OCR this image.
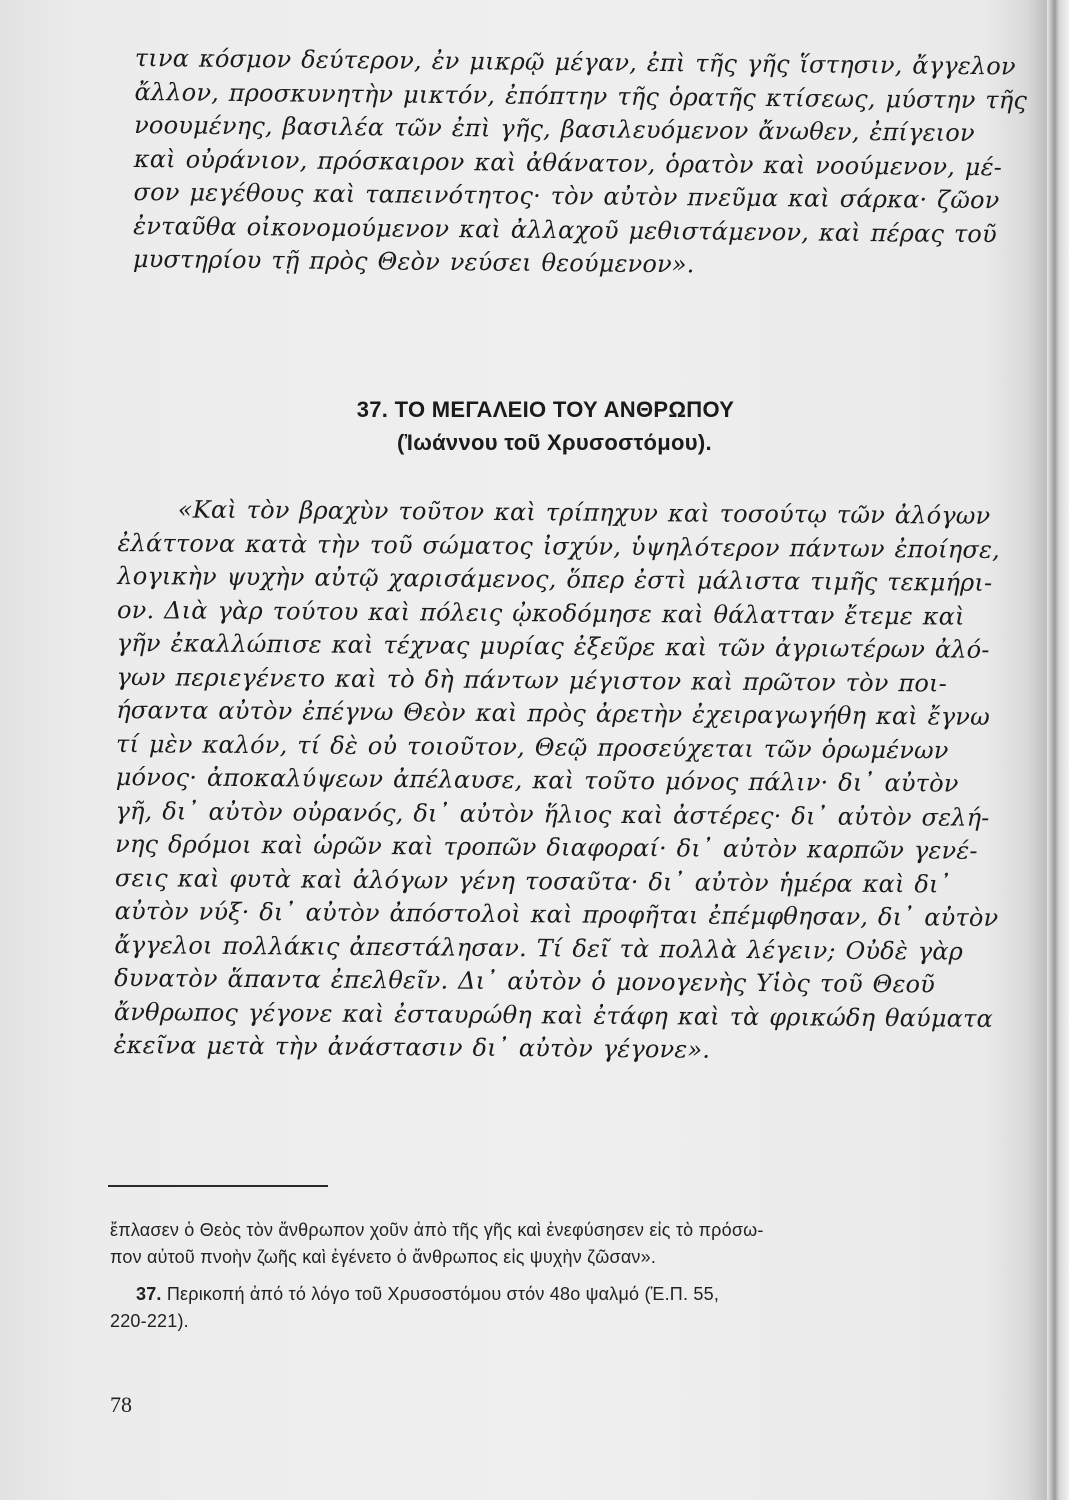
τινα κόσμον δεύτερον, ἐν μικρῷ μέγαν, ἐπὶ τῆς γῆς ἵστησιν, ἄγγελον
ἄλλον, προσκυνητὴν μικτόν, ἐπόπτην τῆς ὁρατῆς κτίσεως, μύστην τῆς
νοουμένης, βασιλέα τῶν ἐπὶ γῆς, βασιλευόμενον ἄνωθεν, ἐπίγειον
καὶ οὐράνιον, πρόσκαιρον καὶ ἀθάνατον, ὁρατὸν καὶ νοούμενον, μέ-
σον μεγέθους καὶ ταπεινότητος· τὸν αὐτὸν πνεῦμα καὶ σάρκα· ζῶον
ἐνταῦθα οἰκονομούμενον καὶ ἀλλαχοῦ μεθιστάμενον, καὶ πέρας τοῦ
μυστηρίου τῇ πρὸς Θεὸν νεύσει θεούμενον».
37. ΤΟ ΜΕΓΑΛΕΙΟ ΤΟΥ ΑΝΘΡΩΠΟΥ
(Ἰωάννου τοῦ Χρυσοστόμου).
«Καὶ τὸν βραχὺν τοῦτον καὶ τρίπηχυν καὶ τοσούτῳ τῶν ἀλόγων
ἐλάττονα κατὰ τὴν τοῦ σώματος ἰσχύν, ὑψηλότερον πάντων ἐποίησε,
λογικὴν ψυχὴν αὐτῷ χαρισάμενος, ὅπερ ἐστὶ μάλιστα τιμῆς τεκμήρι-
ον. Διὰ γὰρ τούτου καὶ πόλεις ᾠκοδόμησε καὶ θάλατταν ἔτεμε καὶ
γῆν ἐκαλλώπισε καὶ τέχνας μυρίας ἐξεῦρε καὶ τῶν ἀγριωτέρων ἀλό-
γων περιεγένετο καὶ τὸ δὴ πάντων μέγιστον καὶ πρῶτον τὸν ποι-
ήσαντα αὐτὸν ἐπέγνω Θεὸν καὶ πρὸς ἀρετὴν ἐχειραγωγήθη καὶ ἔγνω
τί μὲν καλόν, τί δὲ οὐ τοιοῦτον, Θεῷ προσεύχεται τῶν ὁρωμένων
μόνος· ἀποκαλύψεων ἀπέλαυσε, καὶ τοῦτο μόνος πάλιν· δι᾽ αὐτὸν
γῆ, δι᾽ αὐτὸν οὐρανός, δι᾽ αὐτὸν ἥλιος καὶ ἀστέρες· δι᾽ αὐτὸν σελή-
νης δρόμοι καὶ ὡρῶν καὶ τροπῶν διαφοραί· δι᾽ αὐτὸν καρπῶν γενέ-
σεις καὶ φυτὰ καὶ ἀλόγων γένη τοσαῦτα· δι᾽ αὐτὸν ἡμέρα καὶ δι᾽
αὐτὸν νύξ· δι᾽ αὐτὸν ἀπόστολοὶ καὶ προφῆται ἐπέμφθησαν, δι᾽ αὐτὸν
ἄγγελοι πολλάκις ἀπεστάλησαν. Τί δεῖ τὰ πολλὰ λέγειν; Οὐδὲ γὰρ
δυνατὸν ἅπαντα ἐπελθεῖν. Δι᾽ αὐτὸν ὁ μονογενὴς Υἱὸς τοῦ Θεοῦ
ἄνθρωπος γέγονε καὶ ἐσταυρώθη καὶ ἐτάφη καὶ τὰ φρικώδη θαύματα
ἐκεῖνα μετὰ τὴν ἀνάστασιν δι᾽ αὐτὸν γέγονε».
ἔπλασεν ὁ Θεὸς τὸν ἄνθρωπον χοῦν ἀπὸ τῆς γῆς καὶ ἐνεφύσησεν εἰς τὸ πρόσω-
πον αὐτοῦ πνοὴν ζωῆς καὶ ἐγένετο ὁ ἄνθρωπος εἰς ψυχὴν ζῶσαν».
37. Περικοπή ἀπό τό λόγο τοῦ Χρυσοστόμου στόν 48ο ψαλμό (Ἑ.Π. 55,
220-221).
78
